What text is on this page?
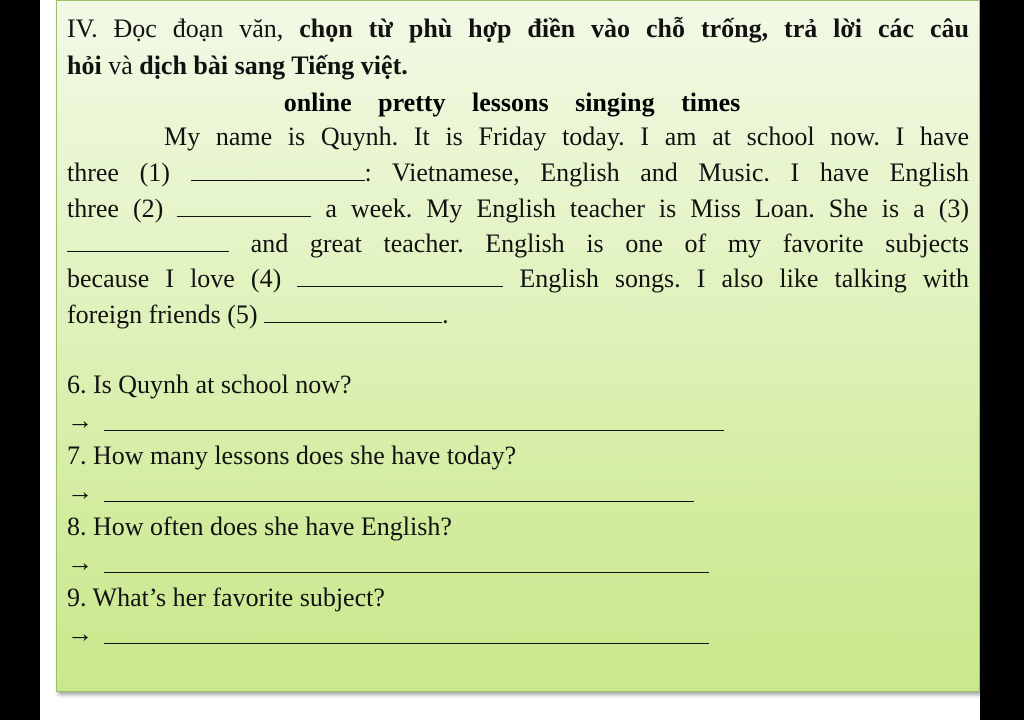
IV. Đọc đoạn văn, chọn từ phù hợp điền vào chỗ trống, trả lời các câu
hỏi và dịch bài sang Tiếng việt.
online pretty lessons singing times
My name is Quynh. It is Friday today. I am at school now. I have
three (1)	: Vietnamese, English and Music. I have English
three (2)	a week. My English teacher is Miss Loan. She is a (3)
and great teacher. English is one of my favorite subjects
because I love (4)	English songs. I also like talking with
foreign friends (5)	.
6. Is Quynh at school now?
→
7. How many lessons does she have today?
→
8. How often does she have English?
→
9. What’s her favorite subject?
→
